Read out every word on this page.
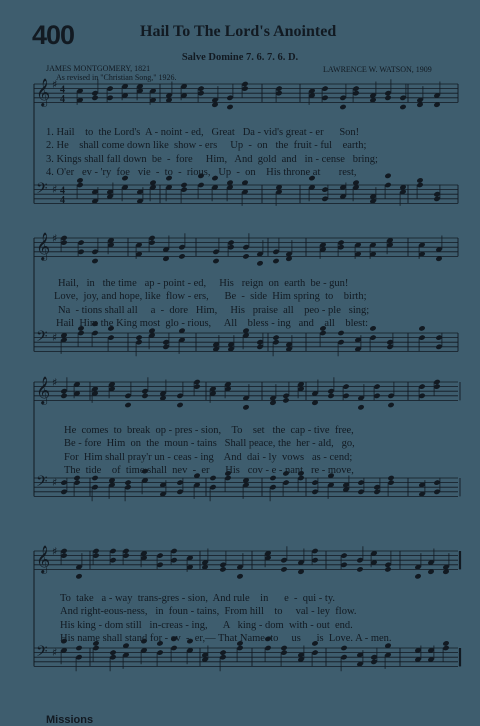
400	Hail To The Lord's Anointed
Salve Domine 7. 6. 7. 6. D.
JAMES MONTGOMERY, 1821
As revised in "Christian Song," 1926.
LAWRENCE W. WATSON, 1909
𝄞 ♯
𝄢 ♯
4
4
4
4
𝄞 ♯
𝄢 ♯
𝄞 ♯
𝄢 ♯
𝄞 ♯
𝄢 ♯
1. Hail    to  the Lord's  A - noint - ed,   Great   Da - vid's great - er      Son!
2. He    shall come down like  show - ers     Up  -  on   the  fruit - ful    earth;
3. Kings shall fall down  be  -  fore     Him,   And  gold  and   in - cense   bring;
4. O'er   ev - 'ry  foe   vie  -  to  -  rious,   Up  -  on    His throne at       rest,
Hail,   in   the time   ap - point - ed,     His   reign  on  earth  be - gun!
Love,  joy, and hope, like  flow - ers,      Be  -  side  Him spring  to    birth;
Na  - tions shall all     a  -  dore   Him,     His   praise  all    peo - ple   sing;
Hail  Him the King most  glo - rious,     All    bless - ing   and    all    blest:
He  comes  to  break  op - pres - sion,    To    set   the  cap - tive  free,
Be - fore  Him  on  the  moun - tains   Shall peace, the  her - ald,   go,
For  Him shall pray'r un - ceas - ing    And  dai - ly  vows   as - cend;
The  tide    of  time shall  nev  -  er      His   cov - e - nant   re - move,
To  take   a - way  trans-gres - sion,  And rule    in      e  -  qui - ty.
And right-eous-ness,   in  foun - tains,  From hill    to     val - ley  flow.
His king - dom still   in-creas - ing,      A   king - dom  with - out  end.
His name shall stand for - ev  -  er,— That Name  to     us      is  Love. A - men.
Missions
